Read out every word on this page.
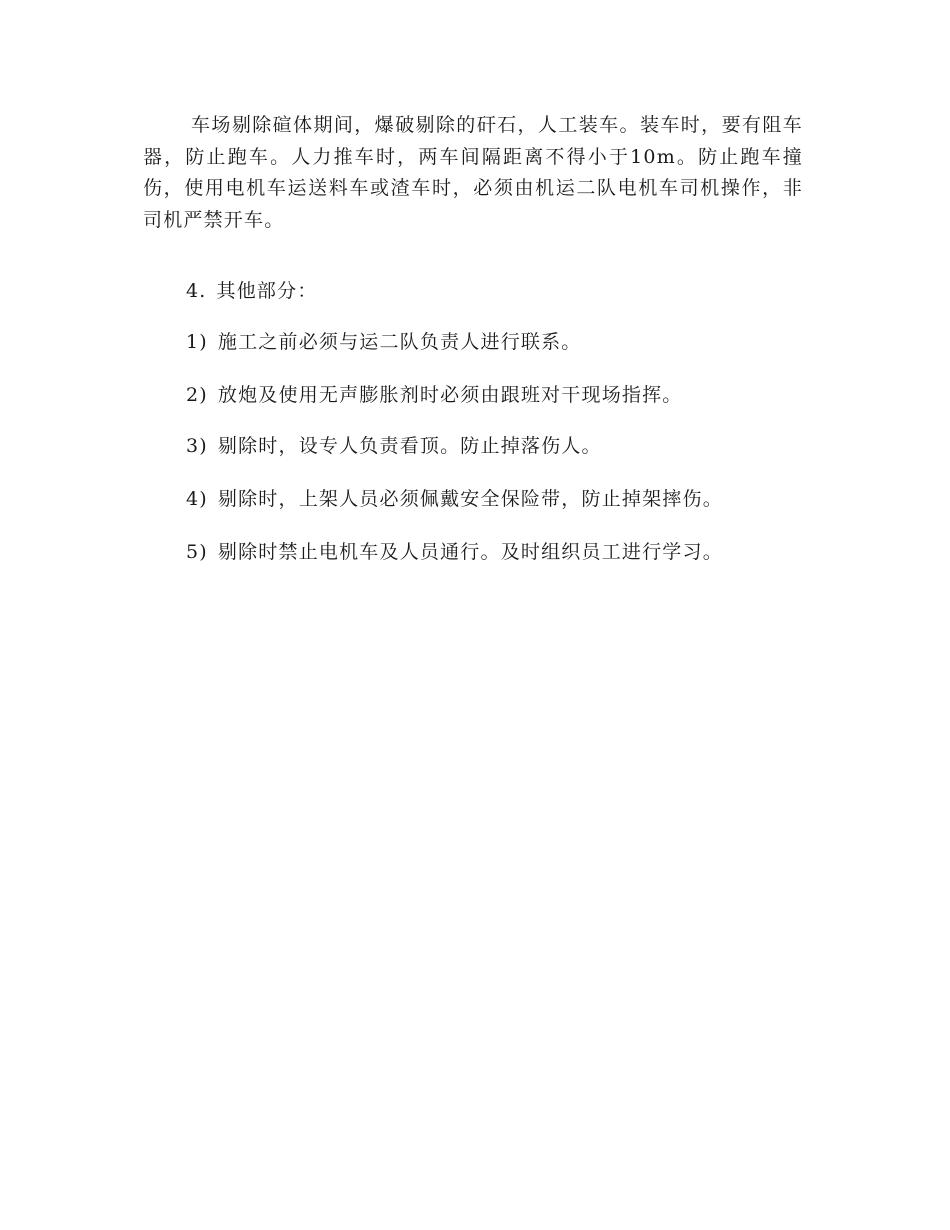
车场剔除碹体期间，爆破剔除的矸石，人工装车。装车时，要有阻车器，防止跑车。人力推车时，两车间隔距离不得小于10m。防止跑车撞伤，使用电机车运送料车或渣车时，必须由机运二队电机车司机操作，非司机严禁开车。

4. 其他部分：

1) 施工之前必须与运二队负责人进行联系。

2) 放炮及使用无声膨胀剂时必须由跟班对干现场指挥。

3) 剔除时，设专人负责看顶。防止掉落伤人。

4) 剔除时，上架人员必须佩戴安全保险带，防止掉架摔伤。

5) 剔除时禁止电机车及人员通行。及时组织员工进行学习。
